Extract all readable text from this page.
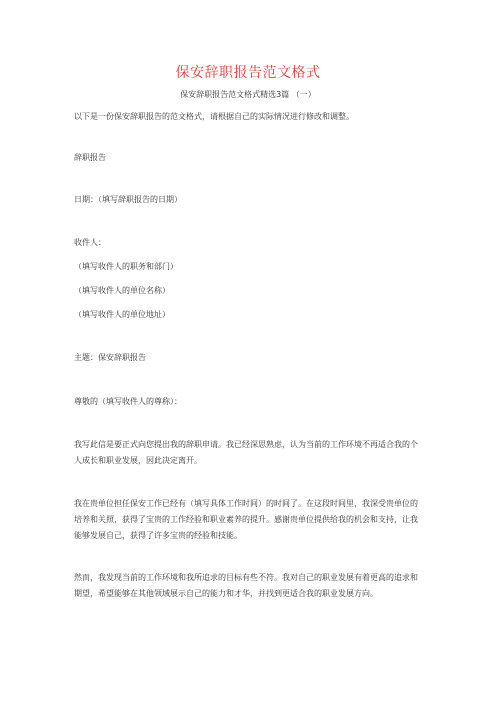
保安辞职报告范文格式
保安辞职报告范文格式精选3篇 （一）
以下是一份保安辞职报告的范文格式，请根据自己的实际情况进行修改和调整。
辞职报告
日期：（填写辞职报告的日期）
收件人：
（填写收件人的职务和部门）
（填写收件人的单位名称）
（填写收件人的单位地址）
主题：保安辞职报告
尊敬的（填写收件人的尊称）：
我写此信是要正式向您提出我的辞职申请。我已经深思熟虑，认为当前的工作环境不再适合我的个人成长和职业发展，因此决定离开。
我在贵单位担任保安工作已经有（填写具体工作时间）的时间了。在这段时间里，我深受贵单位的培养和关照，获得了宝贵的工作经验和职业素养的提升。感谢贵单位提供给我的机会和支持，让我能够发展自己，获得了许多宝贵的经验和技能。
然而，我发现当前的工作环境和我所追求的目标有些不符。我对自己的职业发展有着更高的追求和期望，希望能够在其他领域展示自己的能力和才华，并找到更适合我的职业发展方向。
